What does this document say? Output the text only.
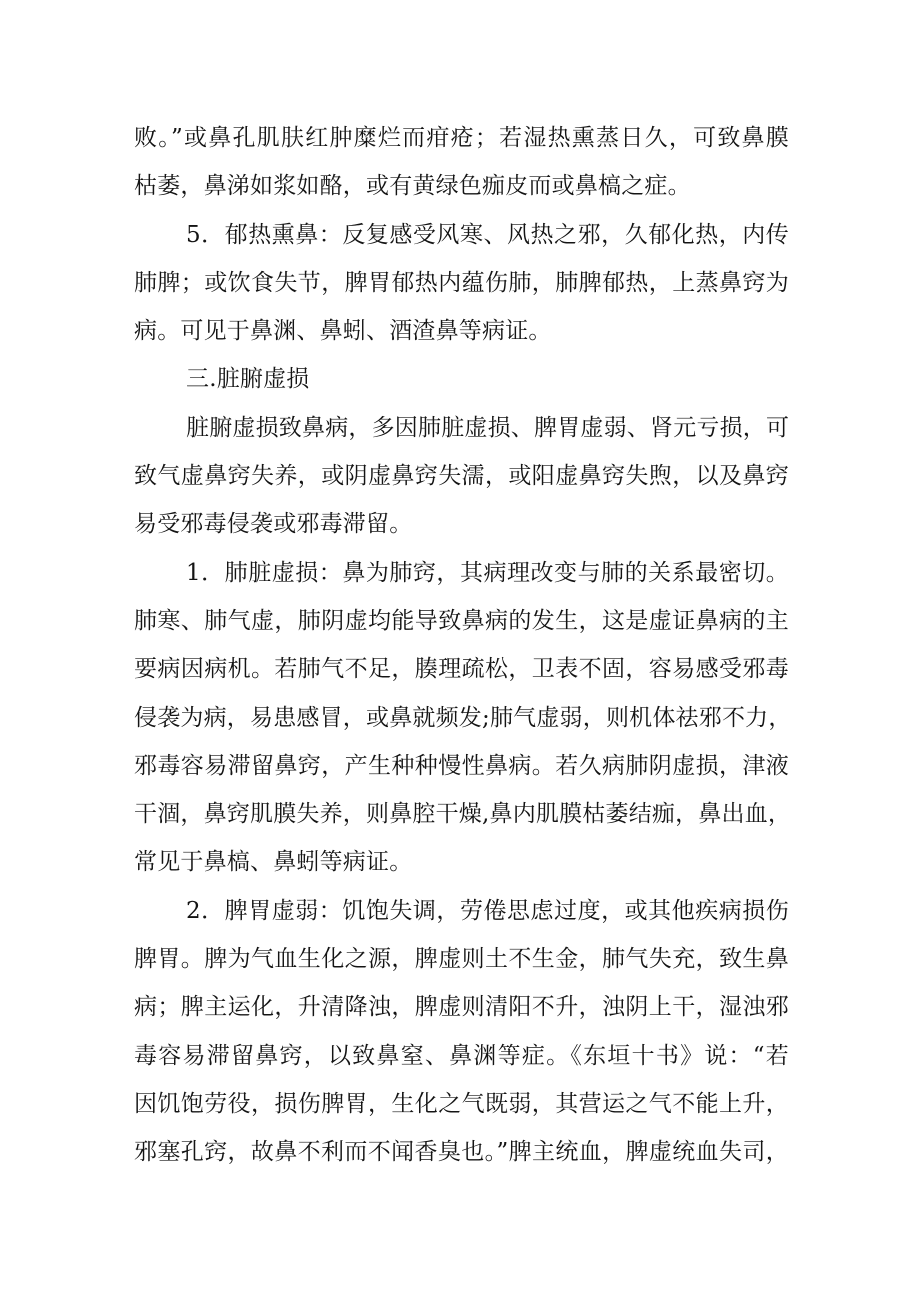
败。”或鼻孔肌肤红肿糜烂而疳疮；若湿热熏蒸日久，可致鼻膜
枯萎，鼻涕如浆如酪，或有黄绿色痂皮而或鼻槁之症。
5．郁热熏鼻：反复感受风寒、风热之邪，久郁化热，内传
肺脾；或饮食失节，脾胃郁热内蕴伤肺，肺脾郁热，上蒸鼻窍为
病。可见于鼻渊、鼻蚓、酒渣鼻等病证。
三.脏腑虚损
脏腑虚损致鼻病，多因肺脏虚损、脾胃虚弱、肾元亏损，可
致气虚鼻窍失养，或阴虚鼻窍失濡，或阳虚鼻窍失煦，以及鼻窍
易受邪毒侵袭或邪毒滞留。
1．肺脏虚损：鼻为肺窍，其病理改变与肺的关系最密切。
肺寒、肺气虚，肺阴虚均能导致鼻病的发生，这是虚证鼻病的主
要病因病机。若肺气不足，腠理疏松，卫表不固，容易感受邪毒
侵袭为病，易患感冒，或鼻就频发;肺气虚弱，则机体祛邪不力，
邪毒容易滞留鼻窍，产生种种慢性鼻病。若久病肺阴虚损，津液
干涸，鼻窍肌膜失养，则鼻腔干燥,鼻内肌膜枯萎结痂，鼻出血，
常见于鼻槁、鼻蚓等病证。
2．脾胃虚弱：饥饱失调，劳倦思虑过度，或其他疾病损伤
脾胃。脾为气血生化之源，脾虚则土不生金，肺气失充，致生鼻
病；脾主运化，升清降浊，脾虚则清阳不升，浊阴上干，湿浊邪
毒容易滞留鼻窍，以致鼻窒、鼻渊等症。《东垣十书》说：“若
因饥饱劳役，损伤脾胃，生化之气既弱，其营运之气不能上升，
邪塞孔窍，故鼻不利而不闻香臭也。”脾主统血，脾虚统血失司，
